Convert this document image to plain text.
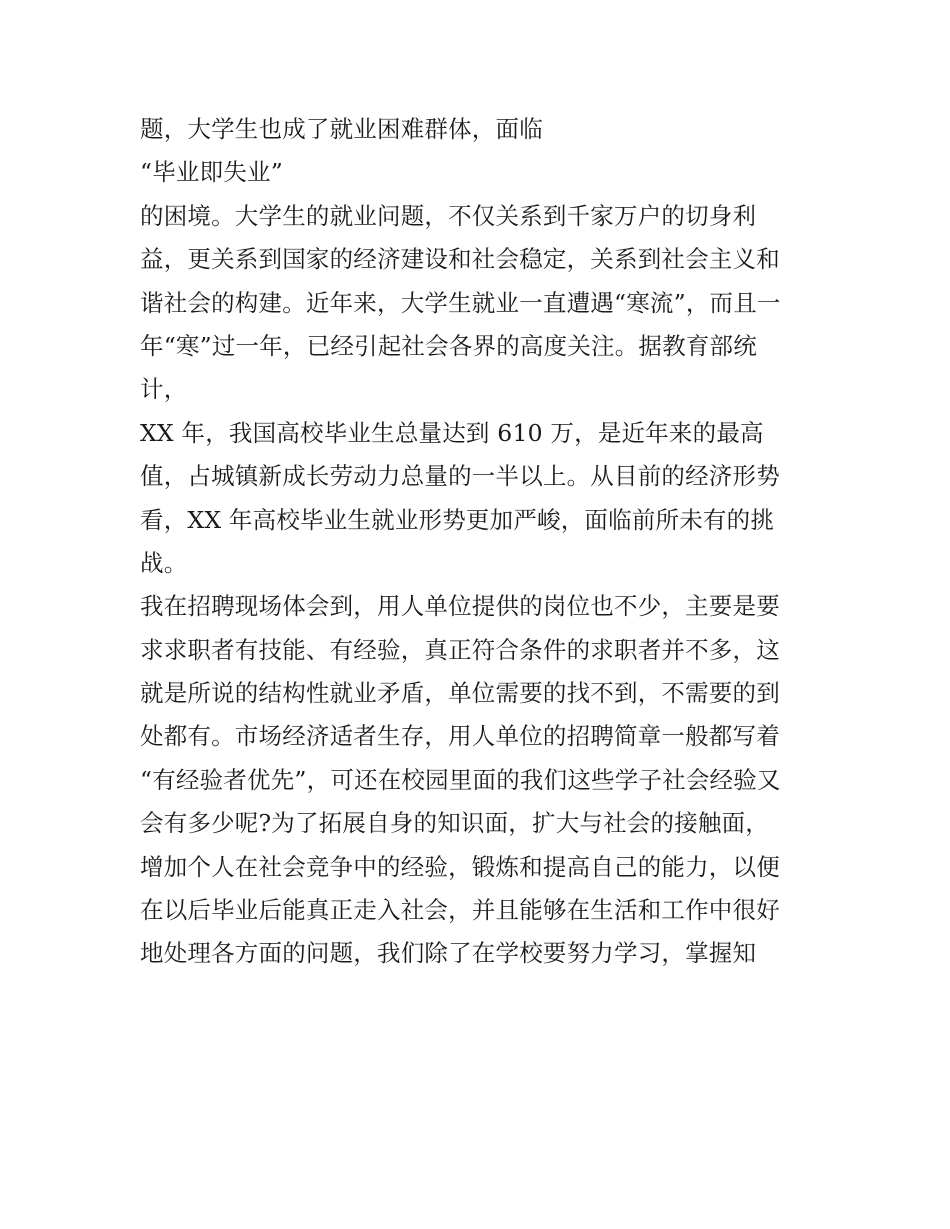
题，大学生也成了就业困难群体，面临
“毕业即失业”
的困境。大学生的就业问题，不仅关系到千家万户的切身利
益，更关系到国家的经济建设和社会稳定，关系到社会主义和
谐社会的构建。近年来，大学生就业一直遭遇“寒流”，而且一
年“寒”过一年，已经引起社会各界的高度关注。据教育部统
计，
XX 年，我国高校毕业生总量达到 610 万，是近年来的最高
值，占城镇新成长劳动力总量的一半以上。从目前的经济形势
看，XX 年高校毕业生就业形势更加严峻，面临前所未有的挑
战。
我在招聘现场体会到，用人单位提供的岗位也不少，主要是要
求求职者有技能、有经验，真正符合条件的求职者并不多，这
就是所说的结构性就业矛盾，单位需要的找不到，不需要的到
处都有。市场经济适者生存，用人单位的招聘简章一般都写着
“有经验者优先”，可还在校园里面的我们这些学子社会经验又
会有多少呢?为了拓展自身的知识面，扩大与社会的接触面，
增加个人在社会竞争中的经验，锻炼和提高自己的能力，以便
在以后毕业后能真正走入社会，并且能够在生活和工作中很好
地处理各方面的问题，我们除了在学校要努力学习，掌握知
